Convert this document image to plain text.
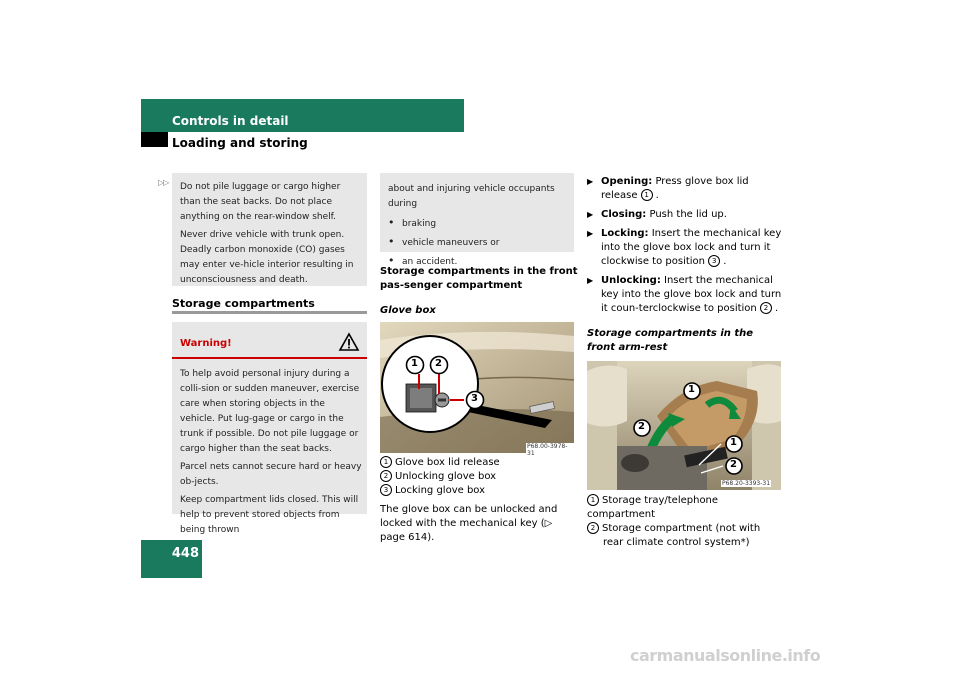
Controls in detail
Loading and storing
448
▷▷ Do not pile luggage or cargo higher than the seat backs. Do not place anything on the rear-window shelf.

Never drive vehicle with trunk open. Deadly carbon monoxide (CO) gases may enter ve-hicle interior resulting in unconsciousness and death.

Storage compartments
Warning!

To help avoid personal injury during a colli-sion or sudden maneuver, exercise care when storing objects in the vehicle. Put lug-gage or cargo in the trunk if possible. Do not pile luggage or cargo higher than the seat backs.

Parcel nets cannot secure hard or heavy ob-jects.

Keep compartment lids closed. This will help to prevent stored objects from being thrown

about and injuring vehicle occupants during
• braking
• vehicle maneuvers or
• an accident.
Storage compartments in the front pas-senger compartment
Glove box
1 2
3
P68.00-3978-31
1 Glove box lid release
2 Unlocking glove box
3 Locking glove box
The glove box can be unlocked and locked with the mechanical key (▷ page 614).
▶ Opening: Press glove box lid release 1 .
▶ Closing: Push the lid up.
▶ Locking: Insert the mechanical key into the glove box lock and turn it clockwise to position 3 .
▶ Unlocking: Insert the mechanical key into the glove box lock and turn it coun-terclockwise to position 2 .
Storage compartments in the front arm-rest
1
2
1
2
P68.20-3393-31
1 Storage tray/telephone compartment
2 Storage compartment (not with rear climate control system*)
carmanualsonline.info
